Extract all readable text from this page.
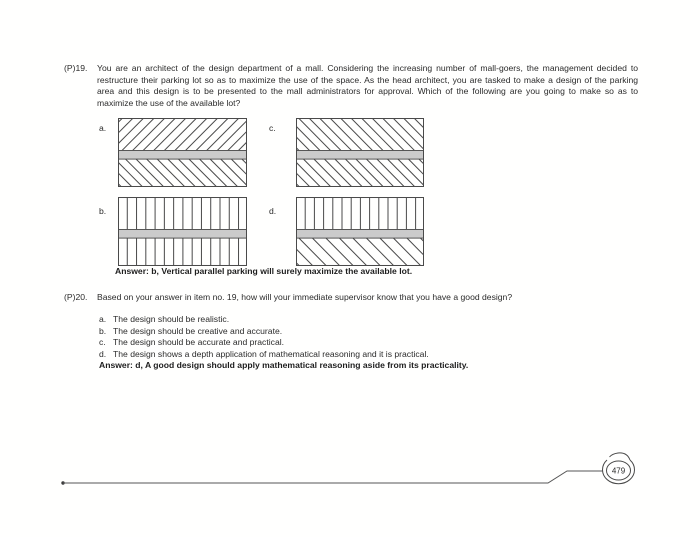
(P)19. You are an architect of the design department of a mall. Considering the increasing number of mall-goers, the management decided to restructure their parking lot so as to maximize the use of the space. As the head architect, you are tasked to make a design of the parking area and this design is to be presented to the mall administrators for approval. Which of the following are you going to make so as to maximize the use of the available lot?

a.	c.
b.	d.

Answer: b, Vertical parallel parking will surely maximize the available lot.

(P)20. Based on your answer in item no. 19, how will your immediate supervisor know that you have a good design?

a. The design should be realistic.
b. The design should be creative and accurate.
c. The design should be accurate and practical.
d. The design shows a depth application of mathematical reasoning and it is practical.
Answer: d, A good design should apply mathematical reasoning aside from its practicality.
479
